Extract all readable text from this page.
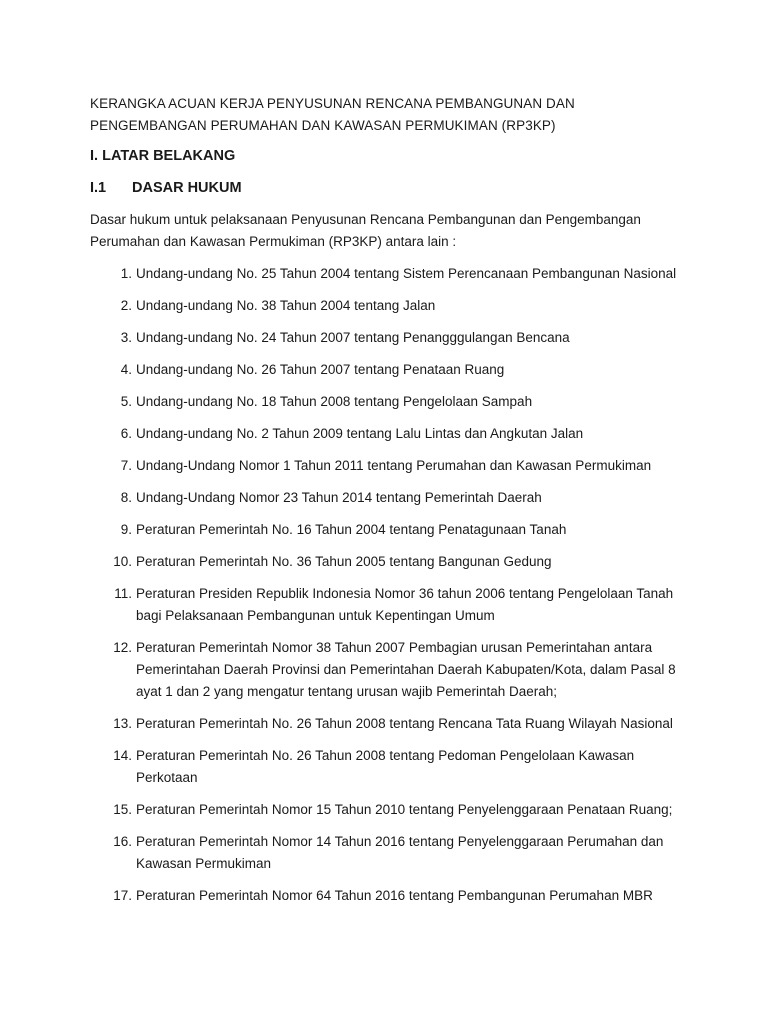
KERANGKA ACUAN KERJA PENYUSUNAN RENCANA PEMBANGUNAN DAN PENGEMBANGAN PERUMAHAN DAN KAWASAN PERMUKIMAN (RP3KP)

I. LATAR BELAKANG

I.1	DASAR HUKUM

Dasar hukum untuk pelaksanaan Penyusunan Rencana Pembangunan dan Pengembangan Perumahan dan Kawasan Permukiman (RP3KP) antara lain :

1. Undang-undang No. 25 Tahun 2004 tentang Sistem Perencanaan Pembangunan Nasional
2. Undang-undang No. 38 Tahun 2004 tentang Jalan
3. Undang-undang No. 24 Tahun 2007 tentang Penangggulangan Bencana
4. Undang-undang No. 26 Tahun 2007 tentang Penataan Ruang
5. Undang-undang No. 18 Tahun 2008 tentang Pengelolaan Sampah
6. Undang-undang No. 2 Tahun 2009 tentang Lalu Lintas dan Angkutan Jalan
7. Undang-Undang Nomor 1 Tahun 2011 tentang Perumahan dan Kawasan Permukiman
8. Undang-Undang Nomor 23 Tahun 2014 tentang Pemerintah Daerah
9. Peraturan Pemerintah No. 16 Tahun 2004 tentang Penatagunaan Tanah
10. Peraturan Pemerintah No. 36 Tahun 2005 tentang Bangunan Gedung
11. Peraturan Presiden Republik Indonesia Nomor 36 tahun 2006 tentang Pengelolaan Tanah bagi Pelaksanaan Pembangunan untuk Kepentingan Umum
12. Peraturan Pemerintah Nomor 38 Tahun 2007 Pembagian urusan Pemerintahan antara Pemerintahan Daerah Provinsi dan Pemerintahan Daerah Kabupaten/Kota, dalam Pasal 8 ayat 1 dan 2 yang mengatur tentang urusan wajib Pemerintah Daerah;
13. Peraturan Pemerintah No. 26 Tahun 2008 tentang Rencana Tata Ruang Wilayah Nasional
14. Peraturan Pemerintah No. 26 Tahun 2008 tentang Pedoman Pengelolaan Kawasan Perkotaan
15. Peraturan Pemerintah Nomor 15 Tahun 2010 tentang Penyelenggaraan Penataan Ruang;
16. Peraturan Pemerintah Nomor 14 Tahun 2016 tentang Penyelenggaraan Perumahan dan Kawasan Permukiman
17. Peraturan Pemerintah Nomor 64 Tahun 2016 tentang Pembangunan Perumahan MBR
